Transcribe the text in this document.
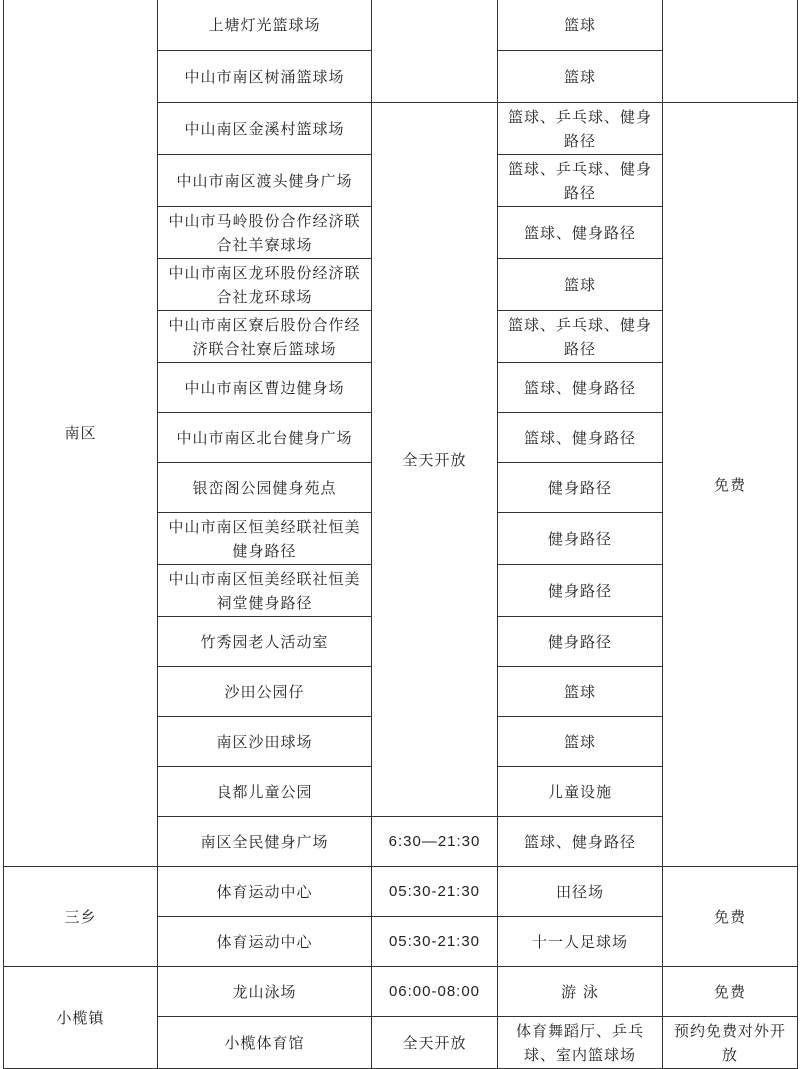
南区	上塘灯光篮球场		篮球	
	中山市南区树涌篮球场		篮球	
	中山南区金溪村篮球场	全天开放	篮球、乒乓球、健身路径	免费
	中山市南区渡头健身广场		篮球、乒乓球、健身路径	
	中山市马岭股份合作经济联合社羊寮球场		篮球、健身路径	
	中山市南区龙环股份经济联合社龙环球场		篮球	
	中山市南区寮后股份合作经济联合社寮后篮球场		篮球、乒乓球、健身路径	
	中山市南区曹边健身场		篮球、健身路径	
	中山市南区北台健身广场		篮球、健身路径	
	银峦阁公园健身苑点		健身路径	
	中山市南区恒美经联社恒美健身路径		健身路径	
	中山市南区恒美经联社恒美祠堂健身路径		健身路径	
	竹秀园老人活动室		健身路径	
	沙田公园仔		篮球	
	南区沙田球场		篮球	
	良都儿童公园		儿童设施	
	南区全民健身广场	6:30—21:30	篮球、健身路径	
三乡	体育运动中心	05:30-21:30	田径场	免费
	体育运动中心	05:30-21:30	十一人足球场	
小榄镇	龙山泳场	06:00-08:00	游 泳	免费
	小榄体育馆	全天开放	体育舞蹈厅、乒乓球、室内篮球场	预约免费对外开放
